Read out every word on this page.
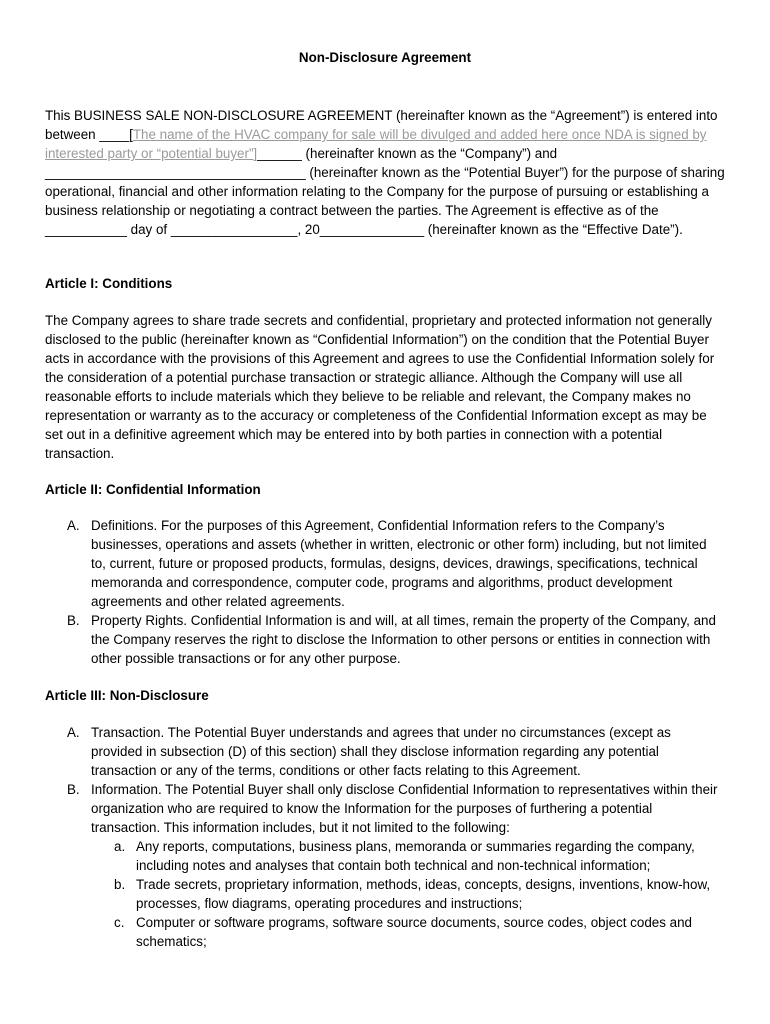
Non-Disclosure Agreement
This BUSINESS SALE NON-DISCLOSURE AGREEMENT (hereinafter known as the “Agreement”) is entered into between ____[The name of the HVAC company for sale will be divulged and added here once NDA is signed by interested party or “potential buyer”]______ (hereinafter known as the “Company”) and ___________________________________ (hereinafter known as the “Potential Buyer”) for the purpose of sharing operational, financial and other information relating to the Company for the purpose of pursuing or establishing a business relationship or negotiating a contract between the parties. The Agreement is effective as of the ___________ day of _________________, 20______________ (hereinafter known as the “Effective Date”).
Article I: Conditions
The Company agrees to share trade secrets and confidential, proprietary and protected information not generally disclosed to the public (hereinafter known as “Confidential Information”) on the condition that the Potential Buyer acts in accordance with the provisions of this Agreement and agrees to use the Confidential Information solely for the consideration of a potential purchase transaction or strategic alliance. Although the Company will use all reasonable efforts to include materials which they believe to be reliable and relevant, the Company makes no representation or warranty as to the accuracy or completeness of the Confidential Information except as may be set out in a definitive agreement which may be entered into by both parties in connection with a potential transaction.
Article II: Confidential Information
A. Definitions. For the purposes of this Agreement, Confidential Information refers to the Company’s businesses, operations and assets (whether in written, electronic or other form) including, but not limited to, current, future or proposed products, formulas, designs, devices, drawings, specifications, technical memoranda and correspondence, computer code, programs and algorithms, product development agreements and other related agreements.
B. Property Rights. Confidential Information is and will, at all times, remain the property of the Company, and the Company reserves the right to disclose the Information to other persons or entities in connection with other possible transactions or for any other purpose.
Article III: Non-Disclosure
A. Transaction. The Potential Buyer understands and agrees that under no circumstances (except as provided in subsection (D) of this section) shall they disclose information regarding any potential transaction or any of the terms, conditions or other facts relating to this Agreement.
B. Information. The Potential Buyer shall only disclose Confidential Information to representatives within their organization who are required to know the Information for the purposes of furthering a potential transaction. This information includes, but it not limited to the following:
a. Any reports, computations, business plans, memoranda or summaries regarding the company, including notes and analyses that contain both technical and non-technical information;
b. Trade secrets, proprietary information, methods, ideas, concepts, designs, inventions, know-how, processes, flow diagrams, operating procedures and instructions;
c. Computer or software programs, software source documents, source codes, object codes and schematics;
